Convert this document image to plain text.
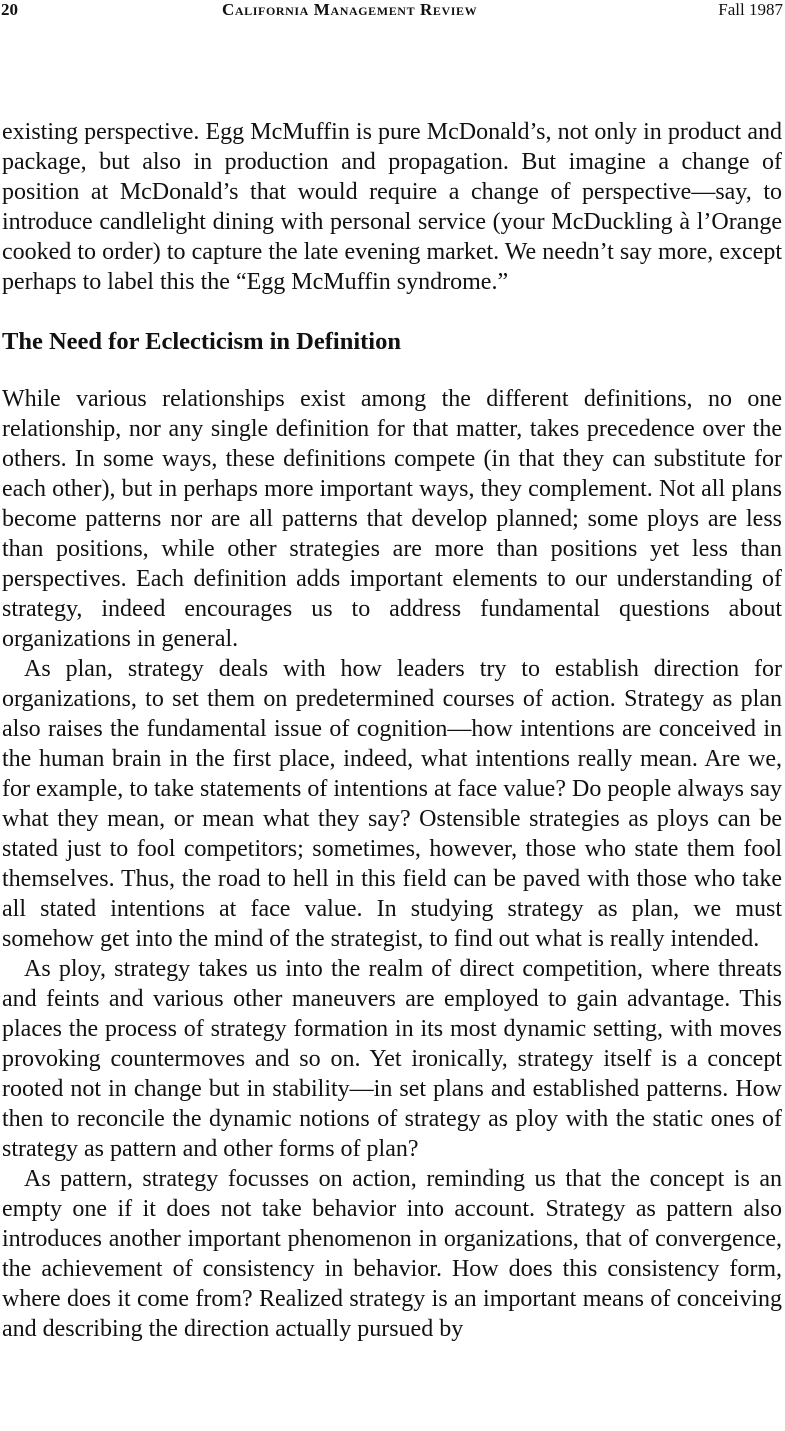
20	California Management Review	Fall 1987

existing perspective. Egg McMuffin is pure McDonald’s, not only in product and package, but also in production and propagation. But imagine a change of position at McDonald’s that would require a change of perspective—say, to introduce candlelight dining with personal service (your McDuckling à l’Orange cooked to order) to capture the late evening market. We needn’t say more, except perhaps to label this the “Egg McMuffin syndrome.”

The Need for Eclecticism in Definition

While various relationships exist among the different definitions, no one relationship, nor any single definition for that matter, takes precedence over the others. In some ways, these definitions compete (in that they can substitute for each other), but in perhaps more important ways, they complement. Not all plans become patterns nor are all patterns that develop planned; some ploys are less than positions, while other strategies are more than positions yet less than perspectives. Each definition adds important elements to our understanding of strategy, indeed encourages us to address fundamental questions about organizations in general.

As plan, strategy deals with how leaders try to establish direction for organizations, to set them on predetermined courses of action. Strategy as plan also raises the fundamental issue of cognition—how intentions are conceived in the human brain in the first place, indeed, what intentions really mean. Are we, for example, to take statements of intentions at face value? Do people always say what they mean, or mean what they say? Ostensible strategies as ploys can be stated just to fool competitors; sometimes, however, those who state them fool themselves. Thus, the road to hell in this field can be paved with those who take all stated intentions at face value. In studying strategy as plan, we must somehow get into the mind of the strategist, to find out what is really intended.

As ploy, strategy takes us into the realm of direct competition, where threats and feints and various other maneuvers are employed to gain advantage. This places the process of strategy formation in its most dynamic setting, with moves provoking countermoves and so on. Yet ironically, strategy itself is a concept rooted not in change but in stability—in set plans and established patterns. How then to reconcile the dynamic notions of strategy as ploy with the static ones of strategy as pattern and other forms of plan?

As pattern, strategy focusses on action, reminding us that the concept is an empty one if it does not take behavior into account. Strategy as pattern also introduces another important phenomenon in organizations, that of convergence, the achievement of consistency in behavior. How does this consistency form, where does it come from? Realized strategy is an important means of conceiving and describing the direction actually pursued by
